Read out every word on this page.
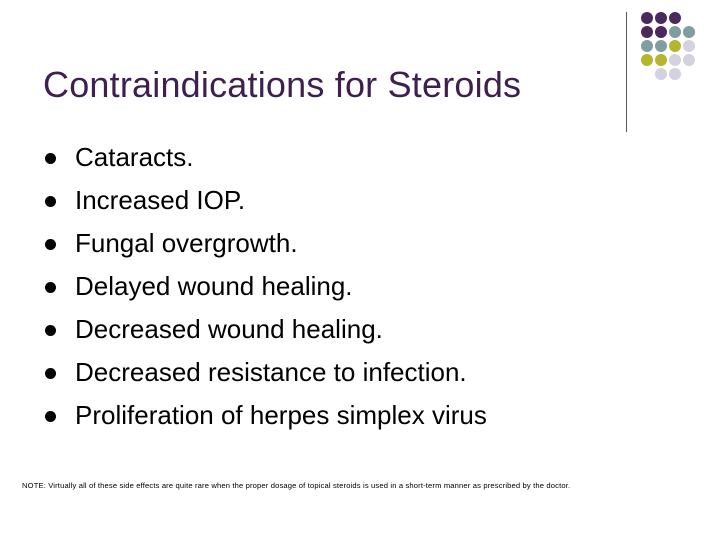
Contraindications for Steroids
Cataracts.
Increased IOP.
Fungal overgrowth.
Delayed wound healing.
Decreased wound healing.
Decreased resistance to infection.
Proliferation of herpes simplex virus
NOTE: Virtually all of these side effects are quite rare when the proper dosage of topical steroids is used in a short-term manner as prescribed by the doctor.
